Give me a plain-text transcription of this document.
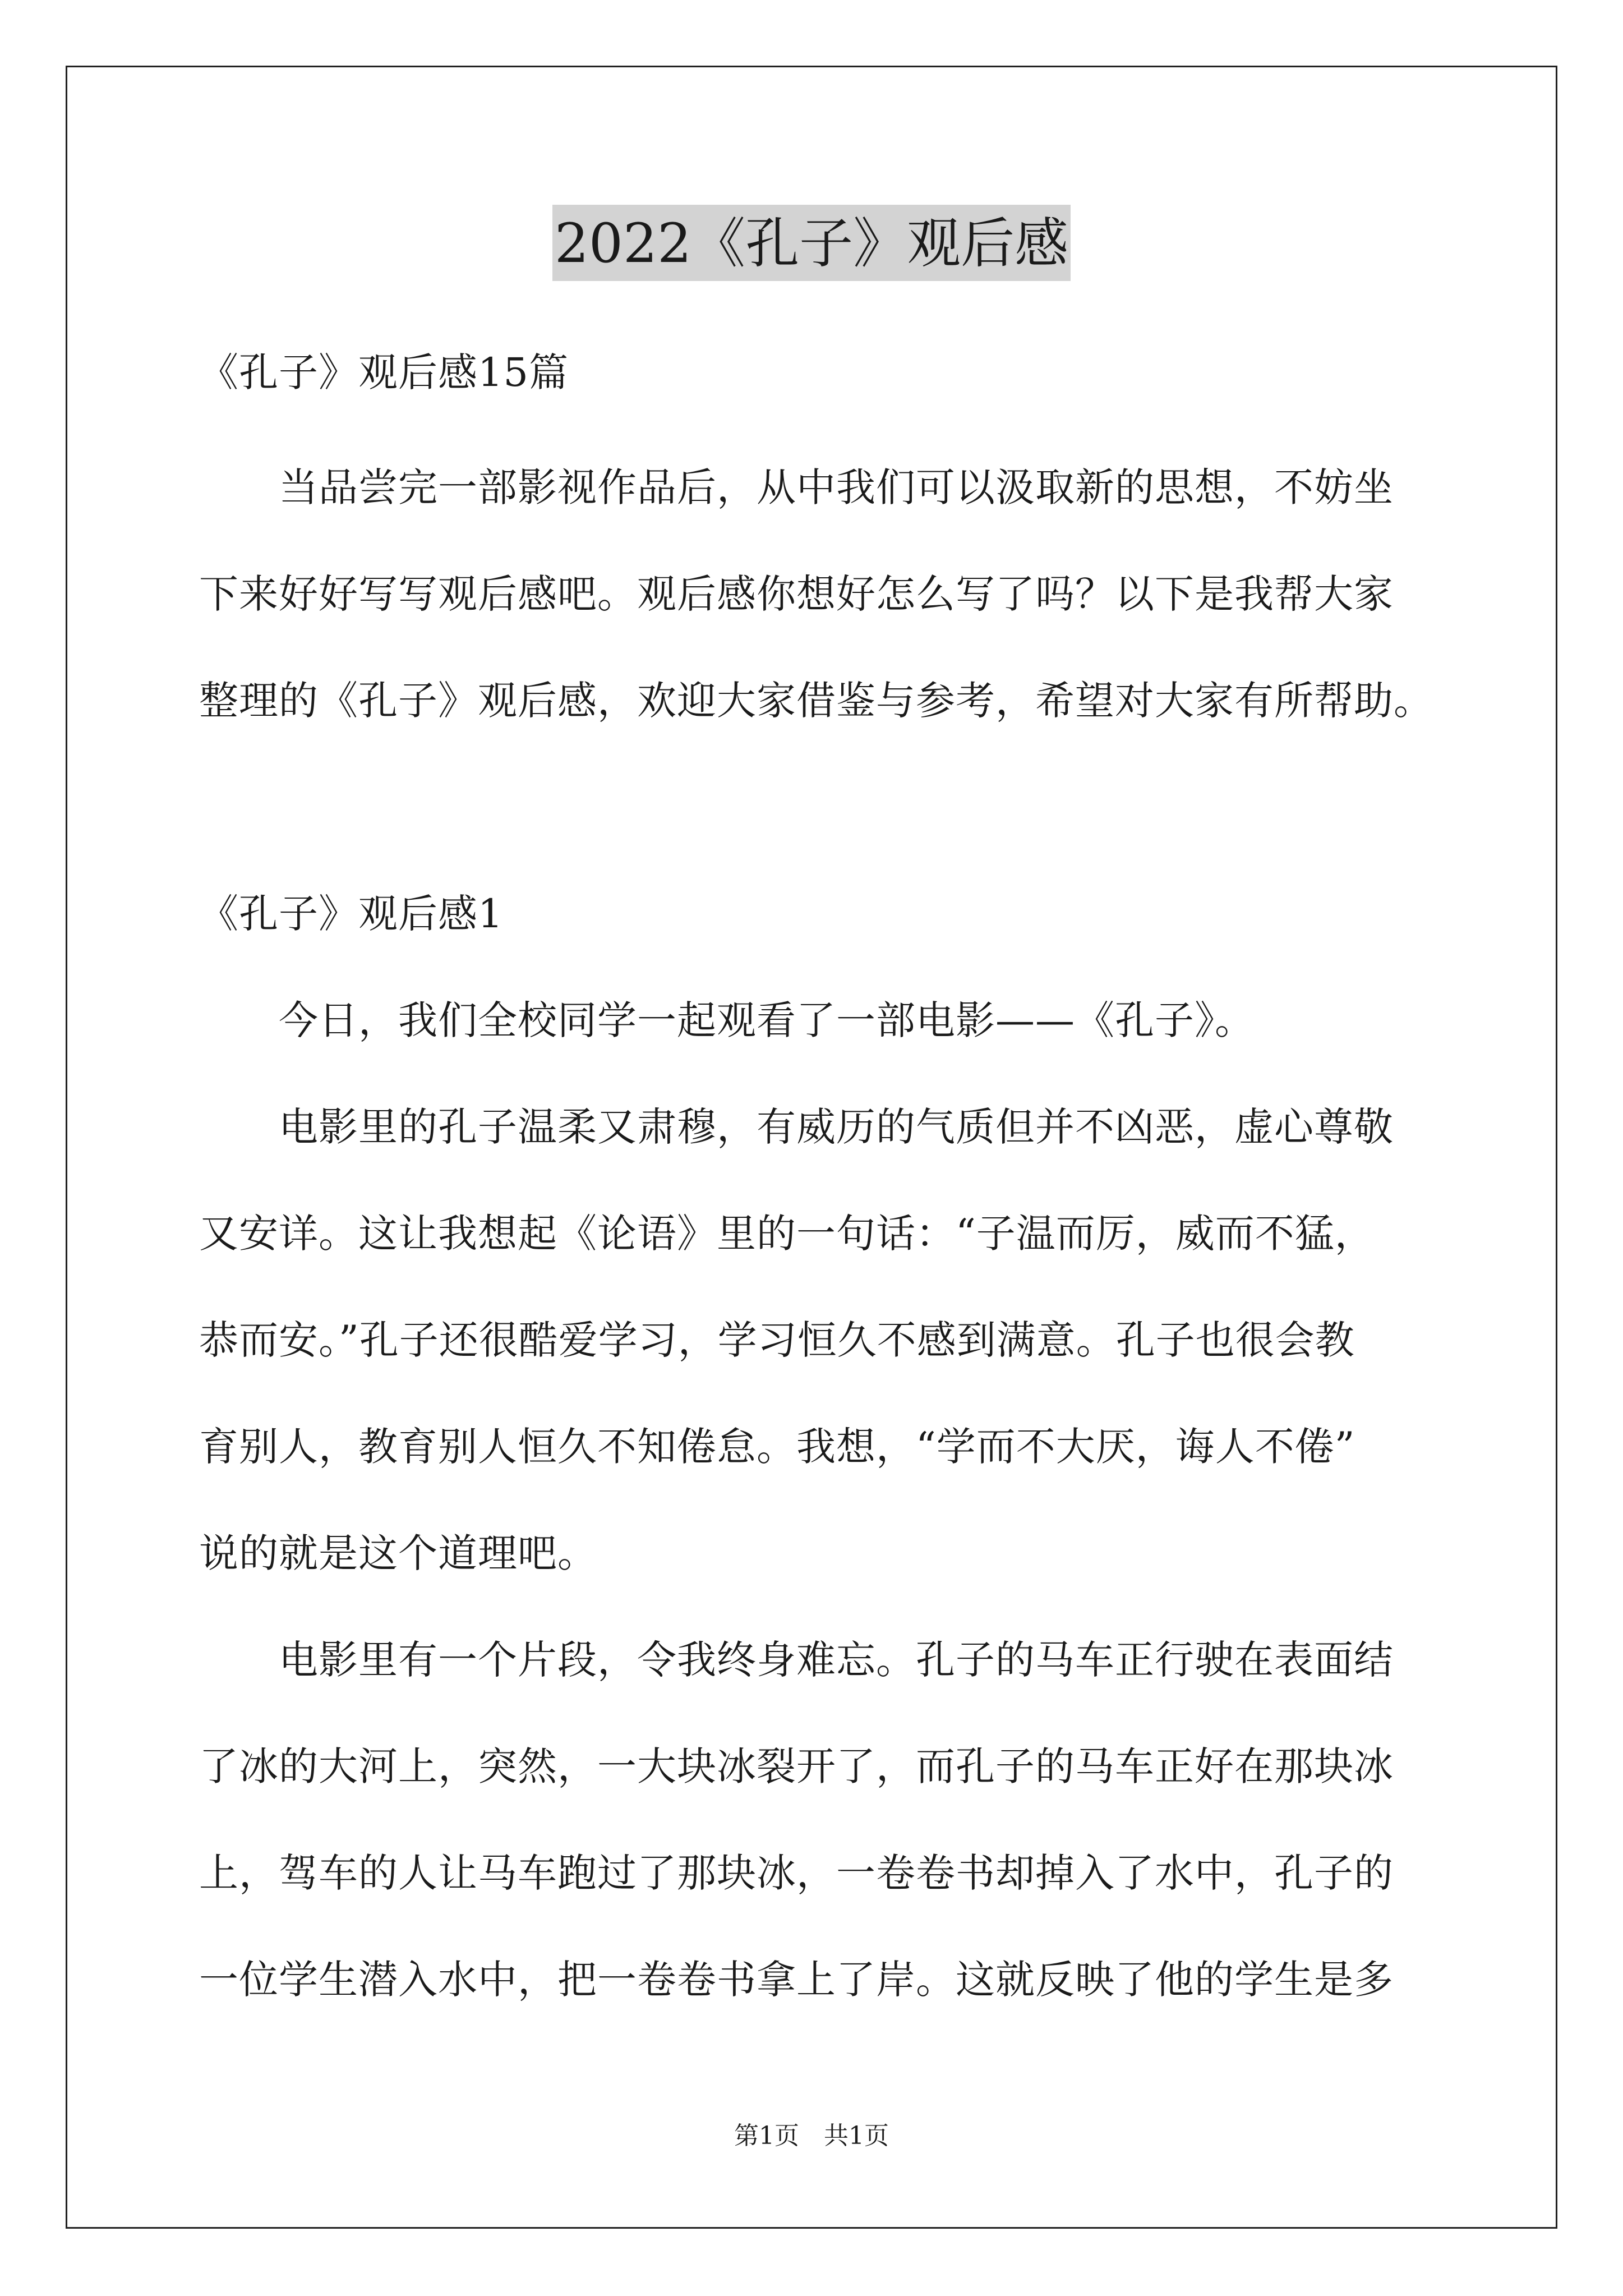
2022《孔子》观后感

《孔子》观后感15篇

　　当品尝完一部影视作品后，从中我们可以汲取新的思想，不妨坐

下来好好写写观后感吧。观后感你想好怎么写了吗？以下是我帮大家

整理的《孔子》观后感，欢迎大家借鉴与参考，希望对大家有所帮助。

《孔子》观后感1

　　今日，我们全校同学一起观看了一部电影——《孔子》。

　　电影里的孔子温柔又肃穆，有威历的气质但并不凶恶，虚心尊敬

又安详。这让我想起《论语》里的一句话：“子温而厉，威而不猛，

恭而安。”孔子还很酷爱学习，学习恒久不感到满意。孔子也很会教

育别人，教育别人恒久不知倦怠。我想，“学而不大厌，诲人不倦”

说的就是这个道理吧。

　　电影里有一个片段，令我终身难忘。孔子的马车正行驶在表面结

了冰的大河上，突然，一大块冰裂开了，而孔子的马车正好在那块冰

上，驾车的人让马车跑过了那块冰，一卷卷书却掉入了水中，孔子的

一位学生潜入水中，把一卷卷书拿上了岸。这就反映了他的学生是多

第1页　共1页
